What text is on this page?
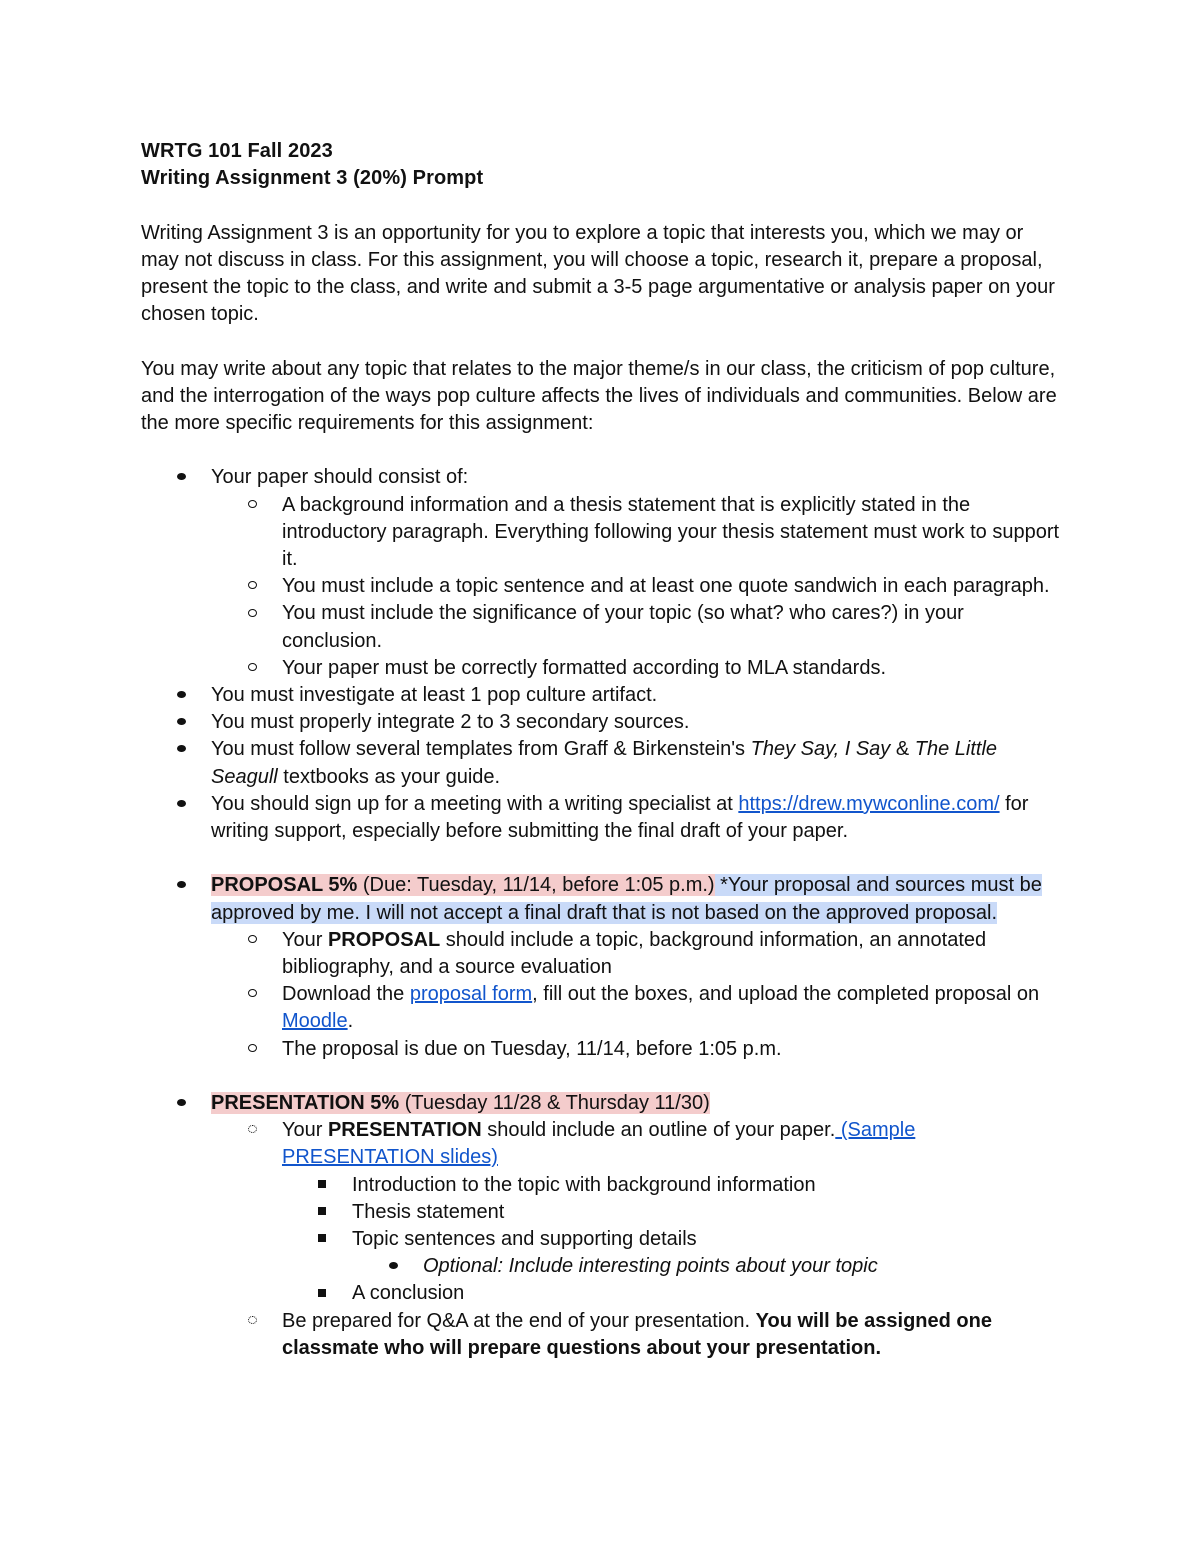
WRTG 101 Fall 2023
Writing Assignment 3 (20%) Prompt

Writing Assignment 3 is an opportunity for you to explore a topic that interests you, which we may or may not discuss in class. For this assignment, you will choose a topic, research it, prepare a proposal, present the topic to the class, and write and submit a 3-5 page argumentative or analysis paper on your chosen topic.

You may write about any topic that relates to the major theme/s in our class, the criticism of pop culture, and the interrogation of the ways pop culture affects the lives of individuals and communities. Below are the more specific requirements for this assignment:

Your paper should consist of:
A background information and a thesis statement that is explicitly stated in the introductory paragraph. Everything following your thesis statement must work to support it.
You must include a topic sentence and at least one quote sandwich in each paragraph.
You must include the significance of your topic (so what? who cares?) in your conclusion.
Your paper must be correctly formatted according to MLA standards.
You must investigate at least 1 pop culture artifact.
You must properly integrate 2 to 3 secondary sources.
You must follow several templates from Graff & Birkenstein's They Say, I Say & The Little Seagull textbooks as your guide.
You should sign up for a meeting with a writing specialist at https://drew.mywconline.com/ for writing support, especially before submitting the final draft of your paper.
PROPOSAL 5% (Due: Tuesday, 11/14, before 1:05 p.m.) *Your proposal and sources must be approved by me. I will not accept a final draft that is not based on the approved proposal.
Your PROPOSAL should include a topic, background information, an annotated bibliography, and a source evaluation
Download the proposal form, fill out the boxes, and upload the completed proposal on Moodle.
The proposal is due on Tuesday, 11/14, before 1:05 p.m.
PRESENTATION 5% (Tuesday 11/28 & Thursday 11/30)
Your PRESENTATION should include an outline of your paper. (Sample PRESENTATION slides)
Introduction to the topic with background information
Thesis statement
Topic sentences and supporting details
Optional: Include interesting points about your topic
A conclusion
Be prepared for Q&A at the end of your presentation. You will be assigned one classmate who will prepare questions about your presentation.
